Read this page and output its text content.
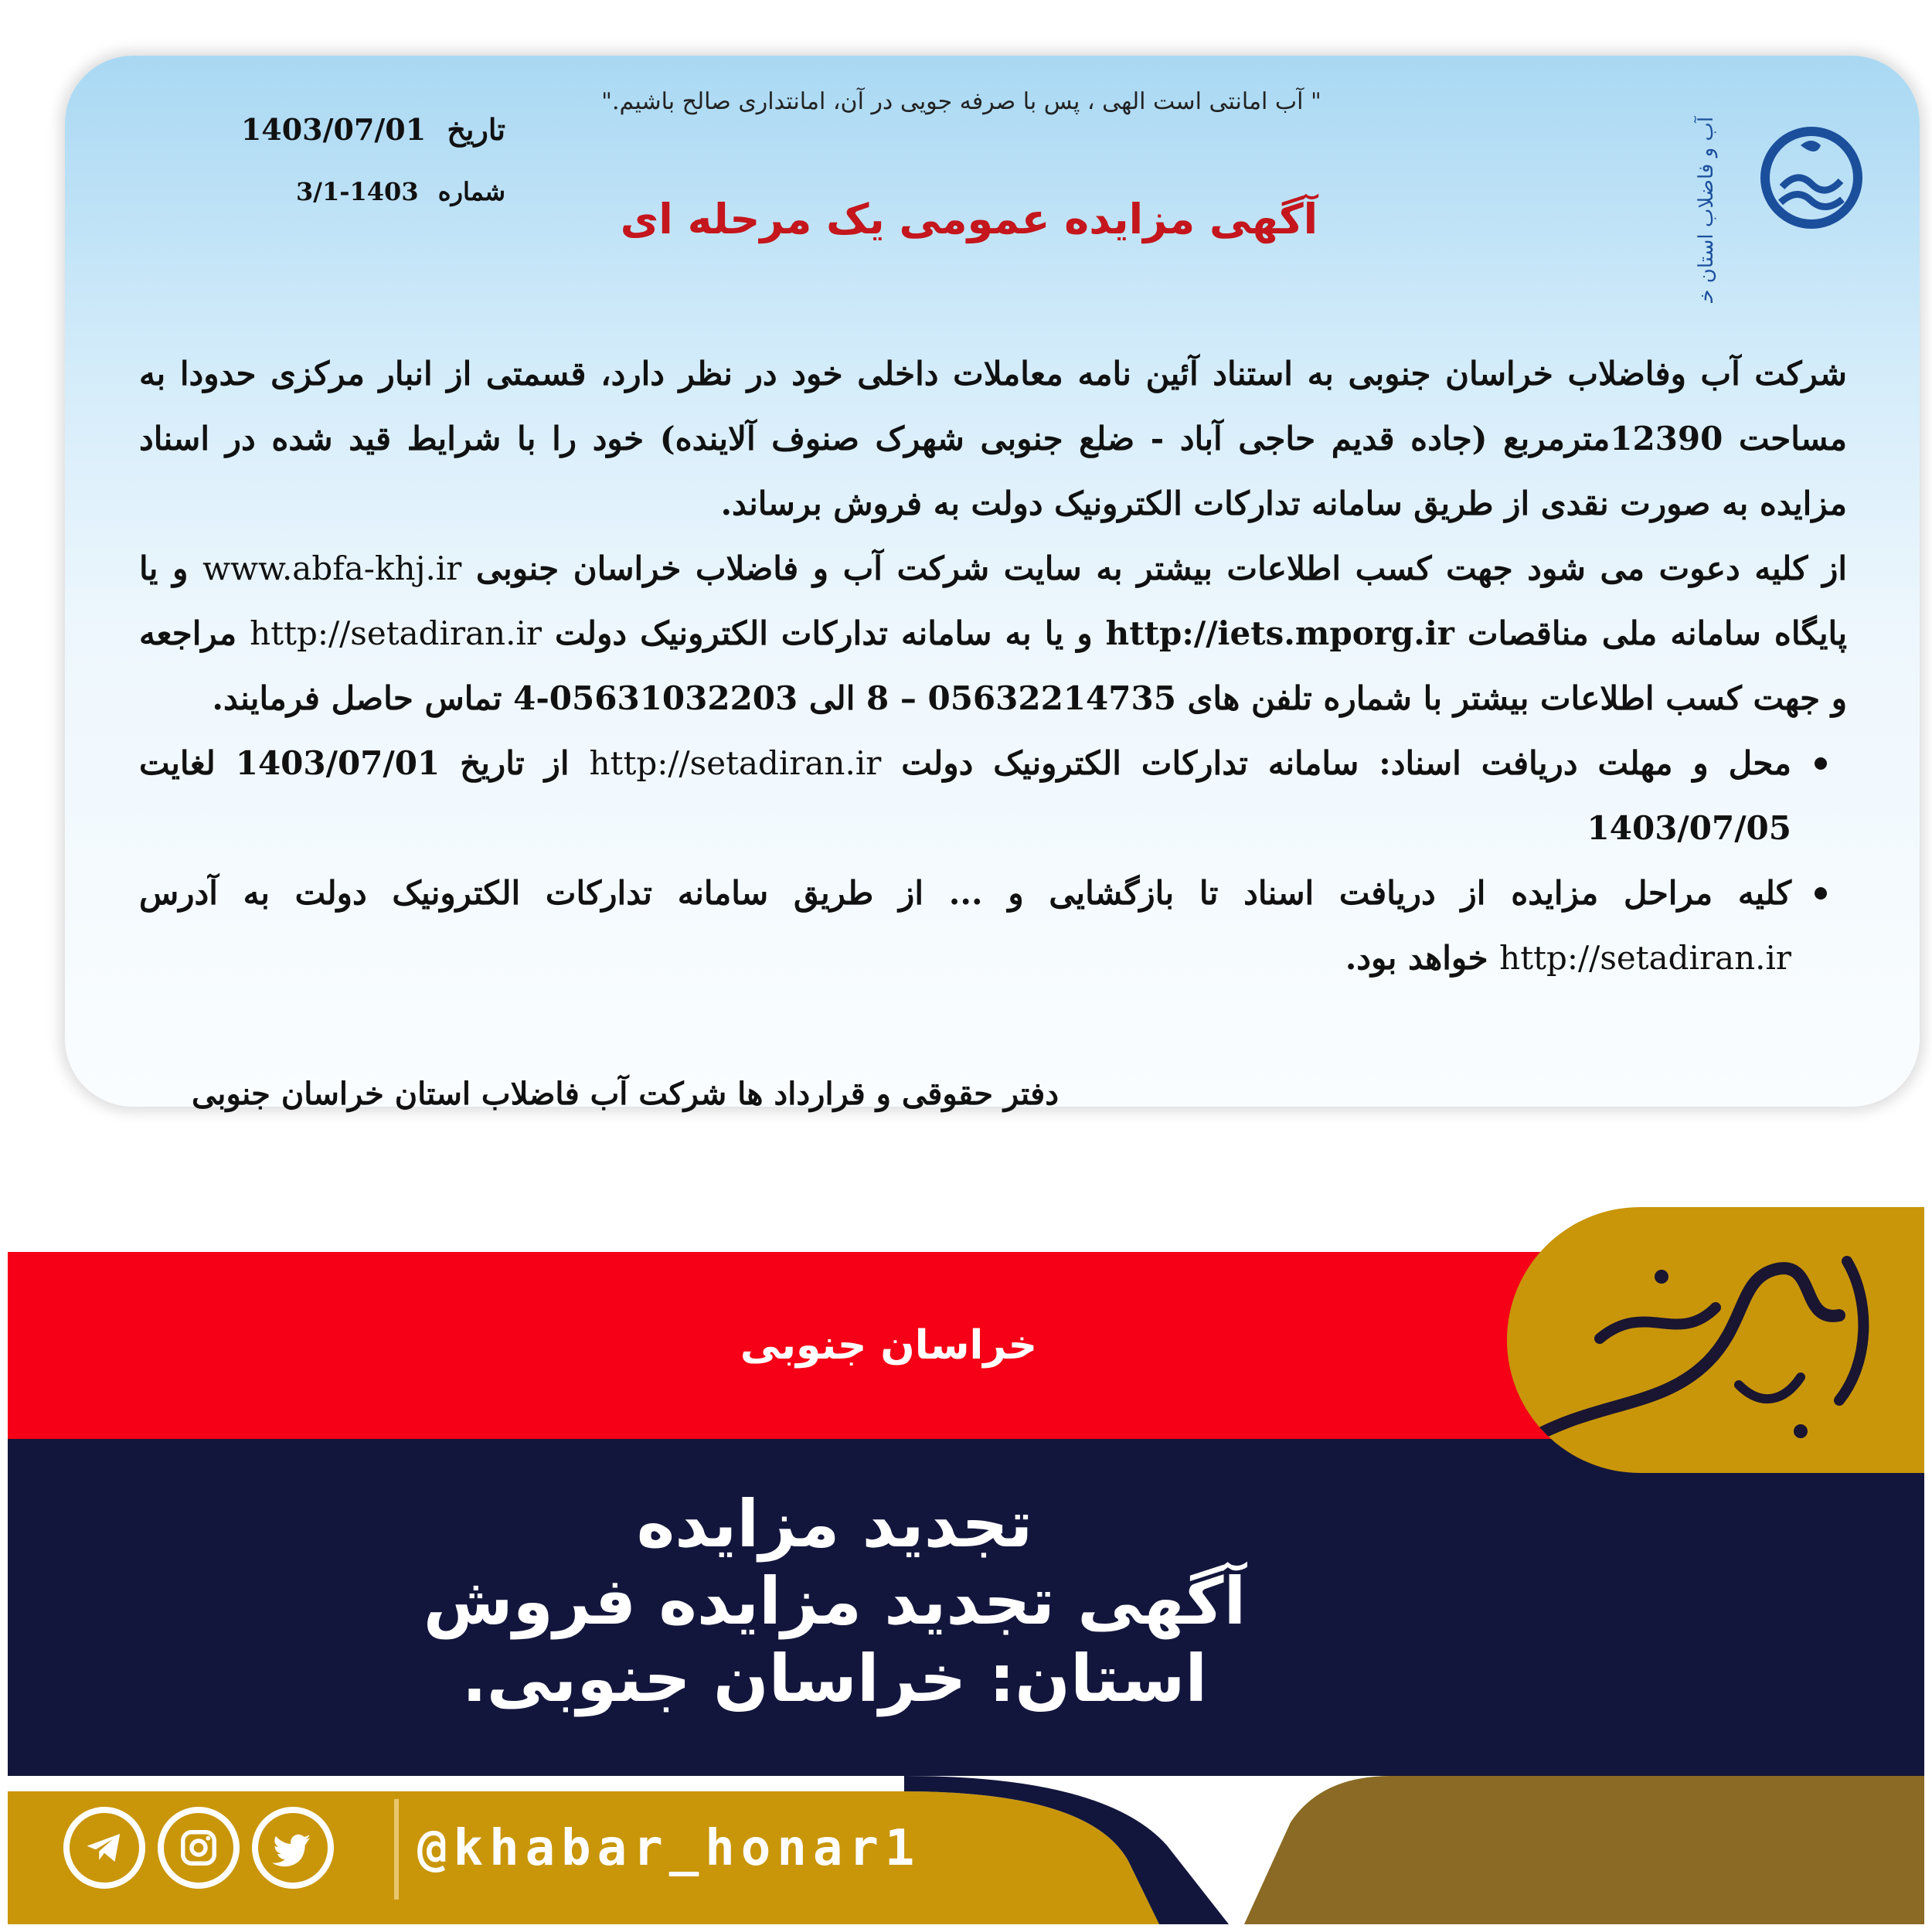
" آب امانتی است الهی ، پس با صرفه جویی در آن، امانتداری صالح باشیم."
تاریخ 1403/07/01
شماره 1403-3/1
آگهی مزایده عمومی یک مرحله ای	شرکت آب و فاضلاب استان خراسان جنوبی

شرکت آب وفاضلاب خراسان جنوبی به استناد آئین نامه معاملات داخلی خود در نظر دارد، قسمتی از انبار مرکزی حدودا به مساحت 12390مترمربع (جاده قدیم حاجی آباد - ضلع جنوبی شهرک صنوف آلاینده) خود را با شرایط قید شده در اسناد مزایده به صورت نقدی از طریق سامانه تدارکات الکترونیک دولت به فروش برساند.

از کلیه دعوت می شود جهت کسب اطلاعات بیشتر به سایت شرکت آب و فاضلاب خراسان جنوبی www.abfa-khj.ir و یا پایگاه سامانه ملی مناقصات http://iets.mporg.ir و یا به سامانه تدارکات الکترونیک دولت http://setadiran.ir مراجعه و جهت کسب اطلاعات بیشتر با شماره تلفن های 05632214735 – 8 الی 05631032203-4 تماس حاصل فرمایند.

محل و مهلت دریافت اسناد: سامانه تدارکات الکترونیک دولت http://setadiran.ir از تاریخ 1403/07/01 لغایت 1403/07/05
کلیه مراحل مزایده از دریافت اسناد تا بازگشایی و ... از طریق سامانه تدارکات الکترونیک دولت به آدرس http://setadiran.ir خواهد بود.
دفتر حقوقی و قرارداد ها شرکت آب فاضلاب استان خراسان جنوبی
خراسان جنوبی
تجدید مزایده
آگهی تجدید مزایده فروش
استان: خراسان جنوبی.
@khabar_honar1
